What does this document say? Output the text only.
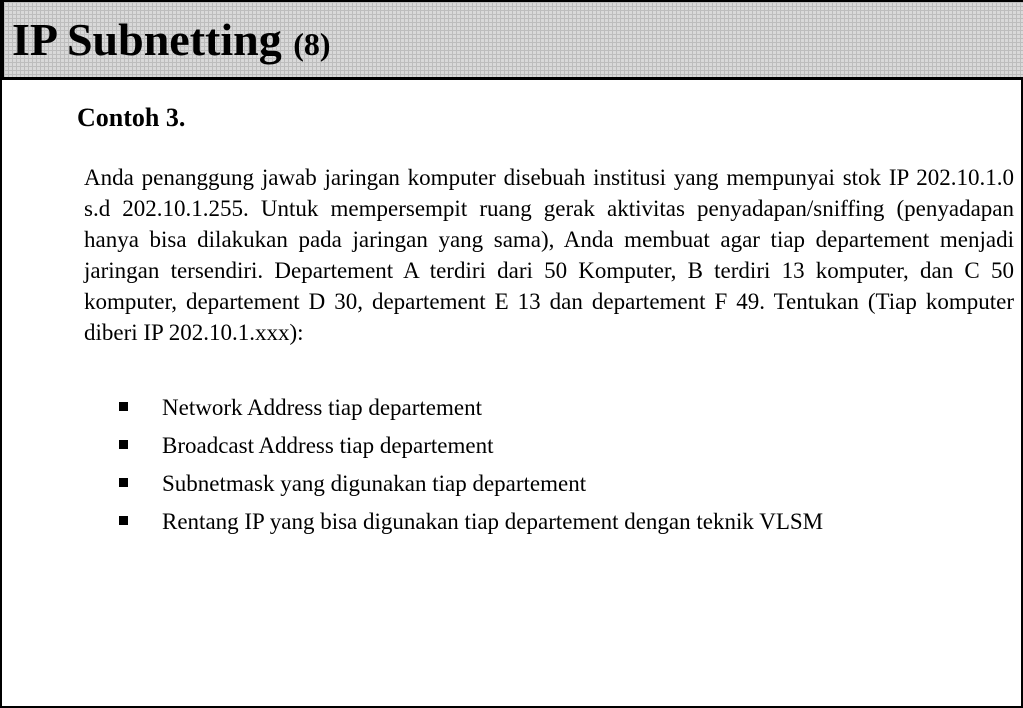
IP Subnetting (8)
Contoh 3.

Anda penanggung jawab jaringan komputer disebuah institusi yang mempunyai stok IP 202.10.1.0 s.d 202.10.1.255. Untuk mempersempit ruang gerak aktivitas penyadapan/sniffing (penyadapan hanya bisa dilakukan pada jaringan yang sama), Anda membuat agar tiap departement menjadi jaringan tersendiri. Departement A terdiri dari 50 Komputer, B terdiri 13 komputer, dan C 50 komputer, departement D 30, departement E 13 dan departement F 49. Tentukan (Tiap komputer diberi IP 202.10.1.xxx):

Network Address tiap departement
Broadcast Address tiap departement
Subnetmask yang digunakan tiap departement
Rentang IP yang bisa digunakan tiap departement dengan teknik VLSM
